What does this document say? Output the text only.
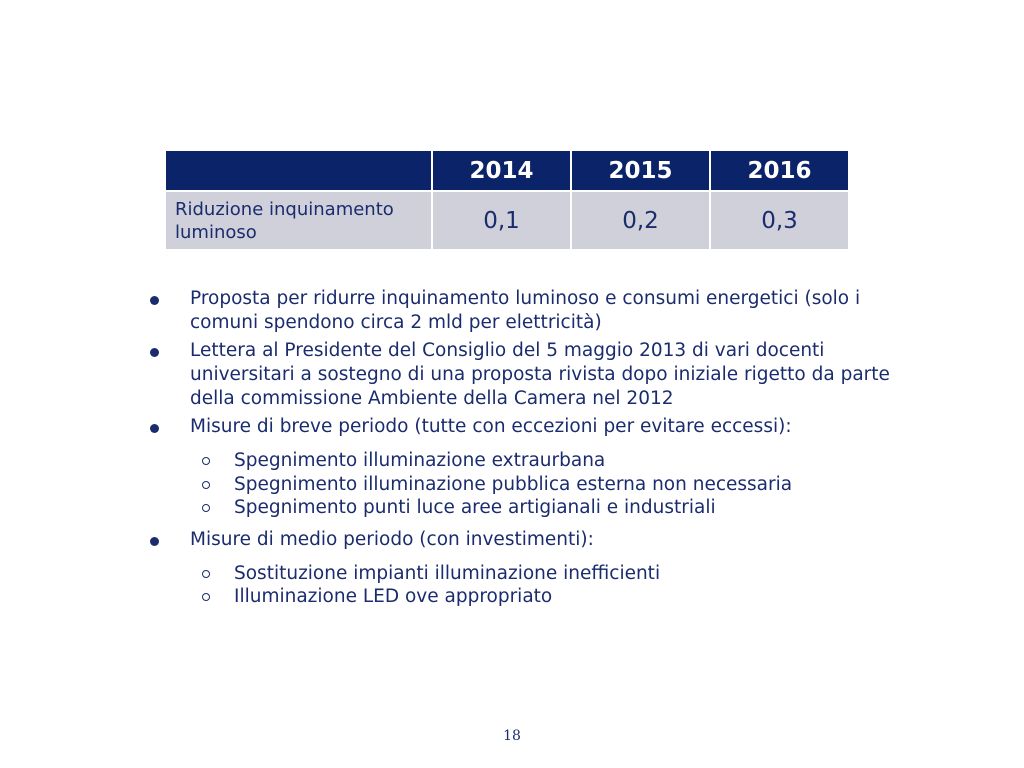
	2014	2015	2016
Riduzione inquinamento luminoso	0,1	0,2	0,3
Proposta per ridurre inquinamento luminoso e consumi energetici (solo i comuni spendono circa 2 mld per elettricità)
Lettera al Presidente del Consiglio del 5 maggio 2013 di vari docenti universitari a sostegno di una proposta rivista dopo iniziale rigetto da parte della commissione Ambiente della Camera nel 2012
Misure di breve periodo (tutte con eccezioni per evitare eccessi):
Spegnimento illuminazione extraurbana
Spegnimento illuminazione pubblica esterna non necessaria
Spegnimento punti luce aree artigianali e industriali
Misure di medio periodo (con investimenti):
Sostituzione impianti illuminazione inefficienti
Illuminazione LED ove appropriato
18
